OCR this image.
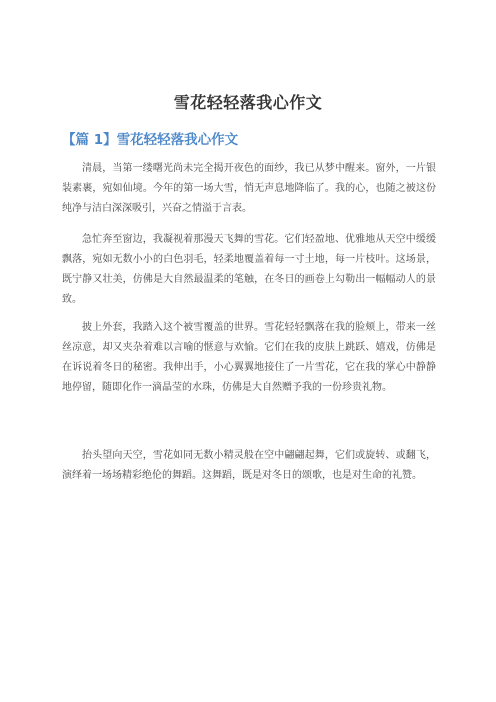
雪花轻轻落我心作文
【篇 1】雪花轻轻落我心作文

清晨，当第一缕曙光尚未完全揭开夜色的面纱，我已从梦中醒来。窗外，一片银装素裹，宛如仙境。今年的第一场大雪，悄无声息地降临了。我的心，也随之被这份纯净与洁白深深吸引，兴奋之情溢于言表。

急忙奔至窗边，我凝视着那漫天飞舞的雪花。它们轻盈地、优雅地从天空中缓缓飘落，宛如无数小小的白色羽毛，轻柔地覆盖着每一寸土地，每一片枝叶。这场景，既宁静又壮美，仿佛是大自然最温柔的笔触，在冬日的画卷上勾勒出一幅幅动人的景致。

披上外套，我踏入这个被雪覆盖的世界。雪花轻轻飘落在我的脸颊上，带来一丝丝凉意，却又夹杂着难以言喻的惬意与欢愉。它们在我的皮肤上跳跃、嬉戏，仿佛是在诉说着冬日的秘密。我伸出手，小心翼翼地接住了一片雪花，它在我的掌心中静静地停留，随即化作一滴晶莹的水珠，仿佛是大自然赠予我的一份珍贵礼物。

抬头望向天空，雪花如同无数小精灵般在空中翩翩起舞，它们或旋转、或翻飞，演绎着一场场精彩绝伦的舞蹈。这舞蹈，既是对冬日的颂歌，也是对生命的礼赞。
